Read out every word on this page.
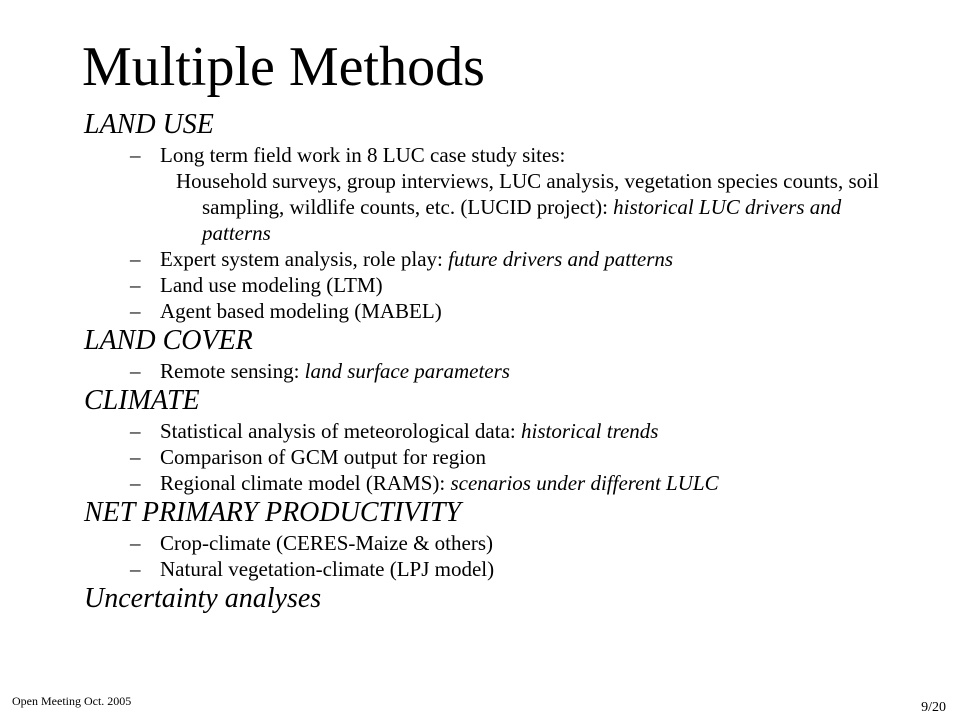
Multiple Methods
LAND USE
– Long term field work in 8 LUC case study sites:
Household surveys, group interviews, LUC analysis, vegetation species counts, soil sampling, wildlife counts, etc. (LUCID project): historical LUC drivers and patterns
– Expert system analysis, role play: future drivers and patterns
– Land use modeling (LTM)
– Agent based modeling (MABEL)
LAND COVER
– Remote sensing: land surface parameters
CLIMATE
– Statistical analysis of meteorological data: historical trends
– Comparison of GCM output for region
– Regional climate model (RAMS): scenarios under different LULC
NET PRIMARY PRODUCTIVITY
– Crop-climate (CERES-Maize & others)
– Natural vegetation-climate (LPJ model)
Uncertainty analyses
Open Meeting Oct. 2005	9/20
